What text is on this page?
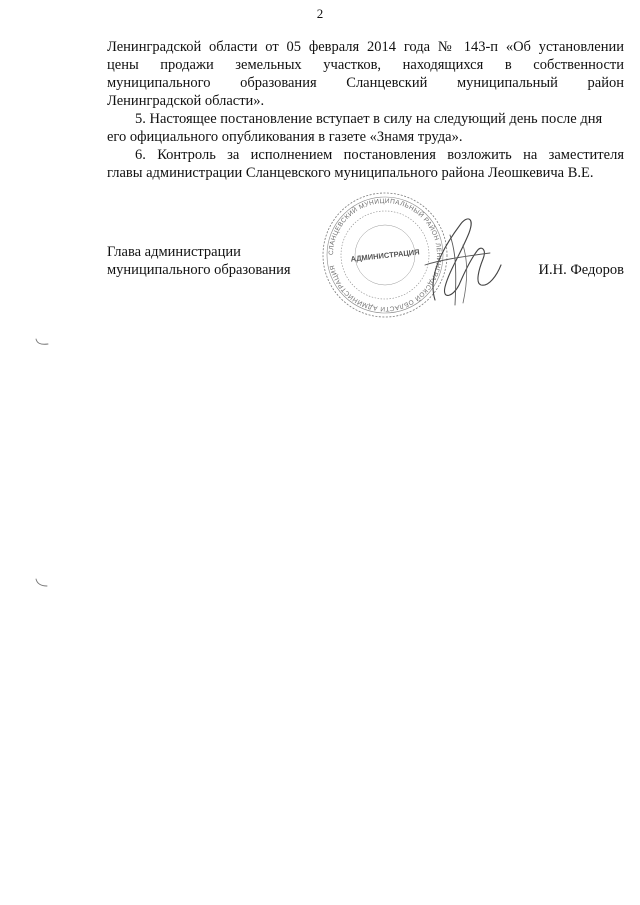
2

Ленинградской области от 05 февраля 2014 года № 143-п «Об установлении

цены продажи земельных участков, находящихся в собственности

муниципального образования Сланцевский муниципальный район

Ленинградской области».

5. Настоящее постановление вступает в силу на следующий день после дня

его официального опубликования в газете «Знамя труда».

6. Контроль за исполнением постановления возложить на заместителя

главы администрации Сланцевского муниципального района Леошкевича В.Е.

СЛАНЦЕВСКИЙ МУНИЦИПАЛЬНЫЙ РАЙОН ЛЕНИНГРАДСКОЙ ОБЛАСТИ АДМИНИСТРАЦИЯ
АДМИНИСТРАЦИЯ
Глава администрации
муниципального образования	И.Н. Федоров
